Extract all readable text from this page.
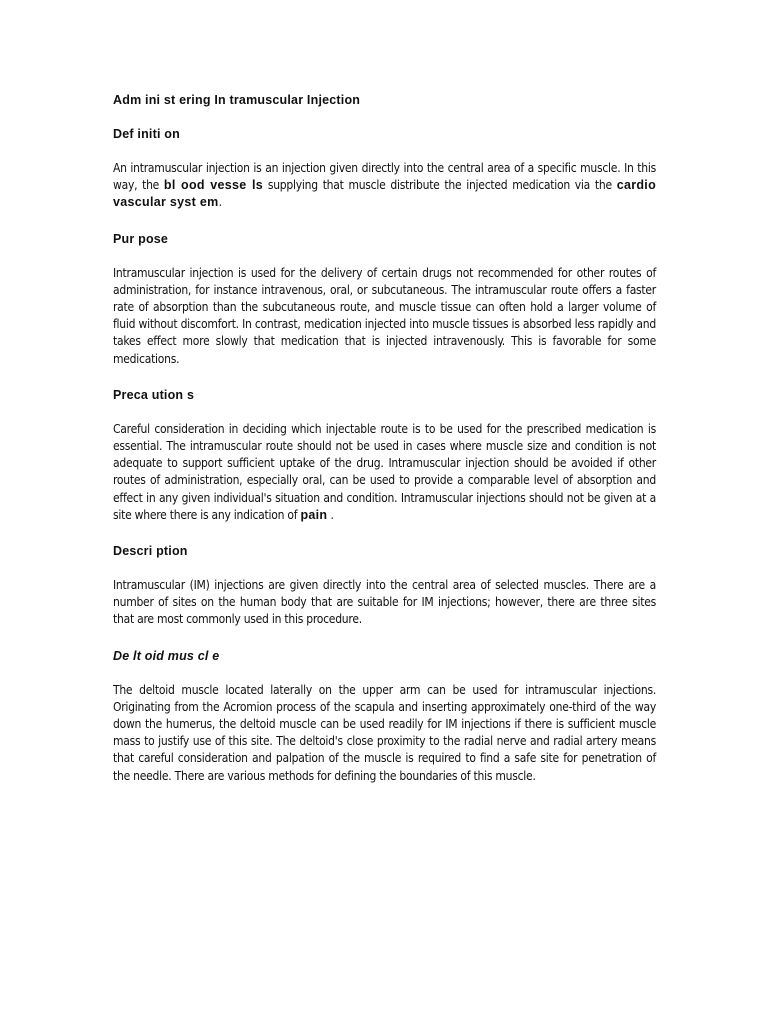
Adm ini st ering In tramuscular Injection

Def initi on

An intramuscular injection is an injection given directly into the central area of a specific muscle. In this way, the bl ood vesse ls supplying that muscle distribute the injected medication via the cardio vascular syst em.

Pur pose

Intramuscular injection is used for the delivery of certain drugs not recommended for other routes of administration, for instance intravenous, oral, or subcutaneous. The intramuscular route offers a faster rate of absorption than the subcutaneous route, and muscle tissue can often hold a larger volume of fluid without discomfort. In contrast, medication injected into muscle tissues is absorbed less rapidly and takes effect more slowly that medication that is injected intravenously. This is favorable for some medications.

Preca ution s

Careful consideration in deciding which injectable route is to be used for the prescribed medication is essential. The intramuscular route should not be used in cases where muscle size and condition is not adequate to support sufficient uptake of the drug. Intramuscular injection should be avoided if other routes of administration, especially oral, can be used to provide a comparable level of absorption and effect in any given individual's situation and condition. Intramuscular injections should not be given at a site where there is any indication of pain .

Descri ption

Intramuscular (IM) injections are given directly into the central area of selected muscles. There are a number of sites on the human body that are suitable for IM injections; however, there are three sites that are most commonly used in this procedure.

De lt oid mus cl e

The deltoid muscle located laterally on the upper arm can be used for intramuscular injections. Originating from the Acromion process of the scapula and inserting approximately one-third of the way down the humerus, the deltoid muscle can be used readily for IM injections if there is sufficient muscle mass to justify use of this site. The deltoid's close proximity to the radial nerve and radial artery means that careful consideration and palpation of the muscle is required to find a safe site for penetration of the needle. There are various methods for defining the boundaries of this muscle.
